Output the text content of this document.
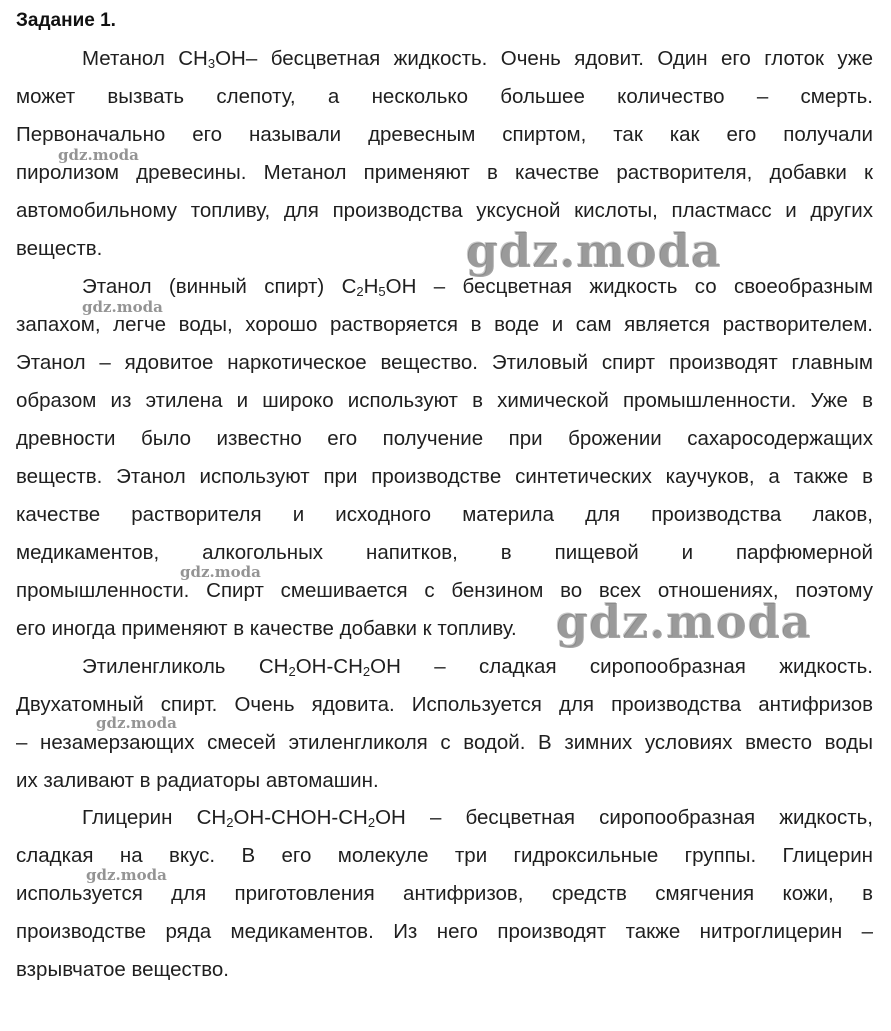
Задание 1.
Метанол $CH_3OH-$ бесцветная жидкость. Очень ядовит. Один его глоток уже
может вызвать слепоту, а несколько большее количество – смерть.
Первоначально его называли древесным спиртом, так как его получали
пиролизом древесины. Метанол применяют в качестве растворителя, добавки к
автомобильному топливу, для производства уксусной кислоты, пластмасс и других
веществ.
Этанол (винный спирт) $C_2H_5OH$ – бесцветная жидкость со своеобразным
запахом, легче воды, хорошо растворяется в воде и сам является растворителем.
Этанол – ядовитое наркотическое вещество. Этиловый спирт производят главным
образом из этилена и широко используют в химической промышленности. Уже в
древности было известно его получение при брожении сахаросодержащих
веществ. Этанол используют при производстве синтетических каучуков, а также в
качестве растворителя и исходного материла для производства лаков,
медикаментов, алкогольных напитков, в пищевой и парфюмерной
промышленности. Спирт смешивается с бензином во всех отношениях, поэтому
его иногда применяют в качестве добавки к топливу.
Этиленгликоль $CH_2OH-CH_2OH$ – сладкая сиропообразная жидкость.
Двухатомный спирт. Очень ядовита. Используется для производства антифризов
– незамерзающих смесей этиленгликоля с водой. В зимних условиях вместо воды
их заливают в радиаторы автомашин.
Глицерин $CH_2OH-CHOH-CH_2OH$ – бесцветная сиропообразная жидкость,
сладкая на вкус. В его молекуле три гидроксильные группы. Глицерин
используется для приготовления антифризов, средств смягчения кожи, в
производстве ряда медикаментов. Из него производят также нитроглицерин –
взрывчатое вещество.
gdz.moda
gdz.moda
gdz.moda
gdz.moda
gdz.moda
gdz.moda
gdz.moda
